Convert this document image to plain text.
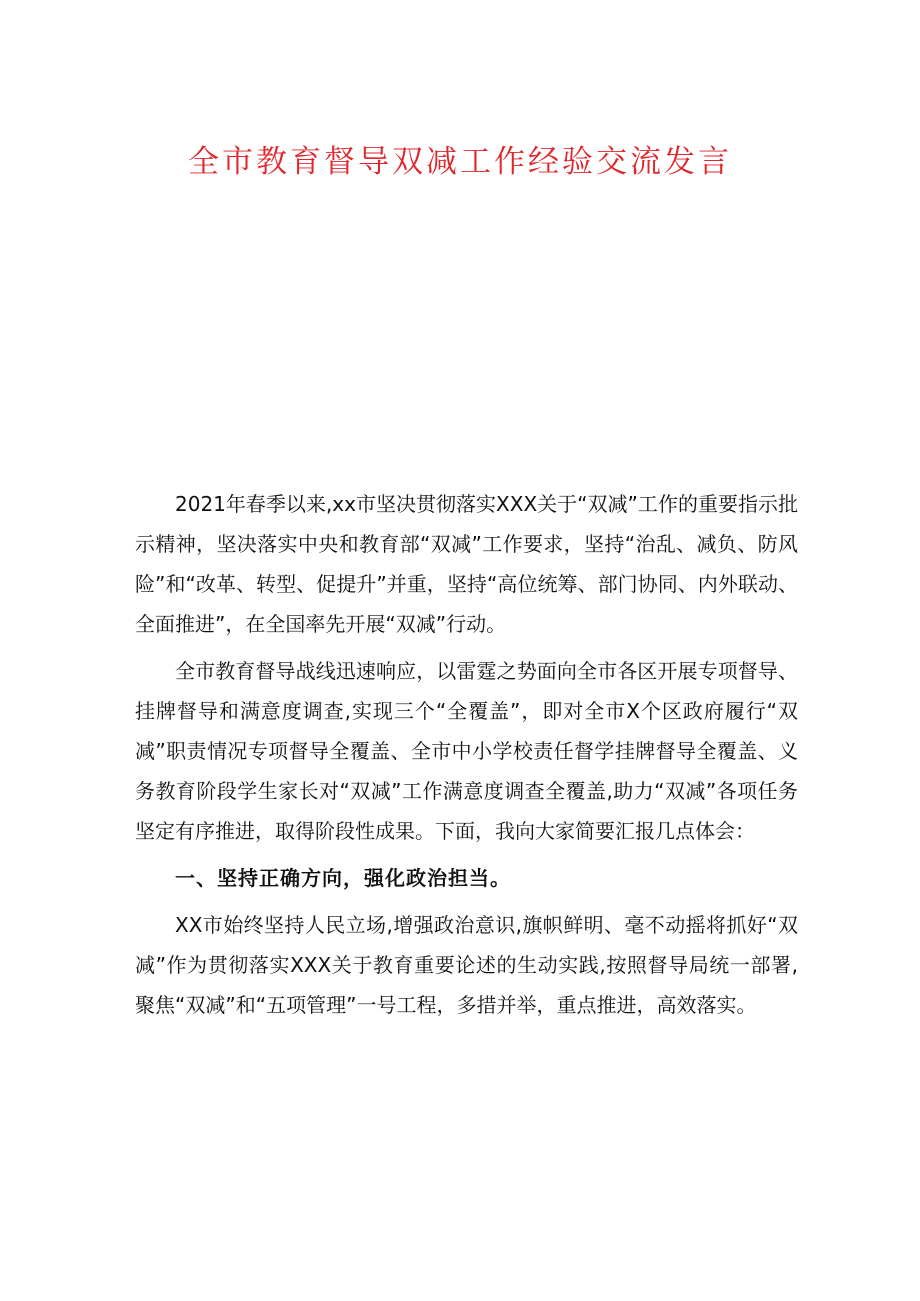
全市教育督导双减工作经验交流发言

2021年春季以来,xx市坚决贯彻落实XXX关于“双减”工作的重要指示批示精神，坚决落实中央和教育部“双减”工作要求，坚持“治乱、减负、防风险”和“改革、转型、促提升”并重，坚持“高位统筹、部门协同、内外联动、全面推进”，在全国率先开展“双减”行动。

全市教育督导战线迅速响应，以雷霆之势面向全市各区开展专项督导、挂牌督导和满意度调查,实现三个“全覆盖”，即对全市X个区政府履行“双减”职责情况专项督导全覆盖、全市中小学校责任督学挂牌督导全覆盖、义务教育阶段学生家长对“双减”工作满意度调查全覆盖,助力“双减”各项任务坚定有序推进，取得阶段性成果。下面，我向大家简要汇报几点体会：

一、坚持正确方向，强化政治担当。

XX市始终坚持人民立场,增强政治意识,旗帜鲜明、毫不动摇将抓好“双减”作为贯彻落实XXX关于教育重要论述的生动实践,按照督导局统一部署,聚焦“双减”和“五项管理”一号工程，多措并举，重点推进，高效落实。
